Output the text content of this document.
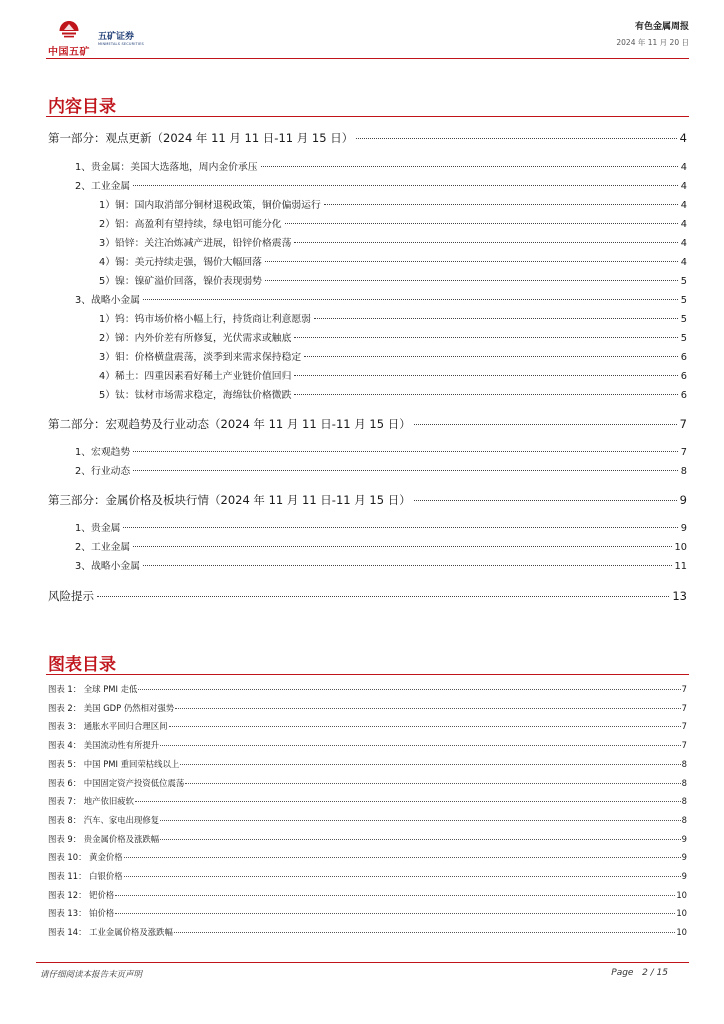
中国五矿
五矿证券
MINMETALS SECURITIES
有色金属周报
2024 年 11 月 20 日
内容目录
第一部分：观点更新（2024 年 11 月 11 日-11 月 15 日）	4
1、贵金属：美国大选落地，周内金价承压	4
2、工业金属	4
1）铜：国内取消部分铜材退税政策，铜价偏弱运行	4
2）铝：高盈利有望持续，绿电铝可能分化	4
3）铅锌：关注冶炼减产进展，铅锌价格震荡	4
4）锡：美元持续走强，锡价大幅回落	4
5）镍：镍矿溢价回落，镍价表现弱势	5
3、战略小金属	5
1）钨：钨市场价格小幅上行，持货商让利意愿弱	5
2）锑：内外价差有所修复，光伏需求或触底	5
3）钼：价格横盘震荡，淡季到来需求保持稳定	6
4）稀土：四重因素看好稀土产业链价值回归	6
5）钛：钛材市场需求稳定，海绵钛价格微跌	6
第二部分：宏观趋势及行业动态（2024 年 11 月 11 日-11 月 15 日）	7
1、宏观趋势	7
2、行业动态	8
第三部分：金属价格及板块行情（2024 年 11 月 11 日-11 月 15 日）	9
1、贵金属	9
2、工业金属	10
3、战略小金属	11
风险提示	13
图表目录
图表 1： 全球 PMI 走低	7
图表 2： 美国 GDP 仍然相对强势	7
图表 3： 通胀水平回归合理区间	7
图表 4： 美国流动性有所提升	7
图表 5： 中国 PMI 重回荣枯线以上	8
图表 6： 中国固定资产投资低位震荡	8
图表 7： 地产依旧疲软	8
图表 8： 汽车、家电出现修复	8
图表 9： 贵金属价格及涨跌幅	9
图表 10： 黄金价格	9
图表 11： 白银价格	9
图表 12： 钯价格	10
图表 13： 铂价格	10
图表 14： 工业金属价格及涨跌幅	10
请仔细阅读本报告末页声明	Page 2 / 15
